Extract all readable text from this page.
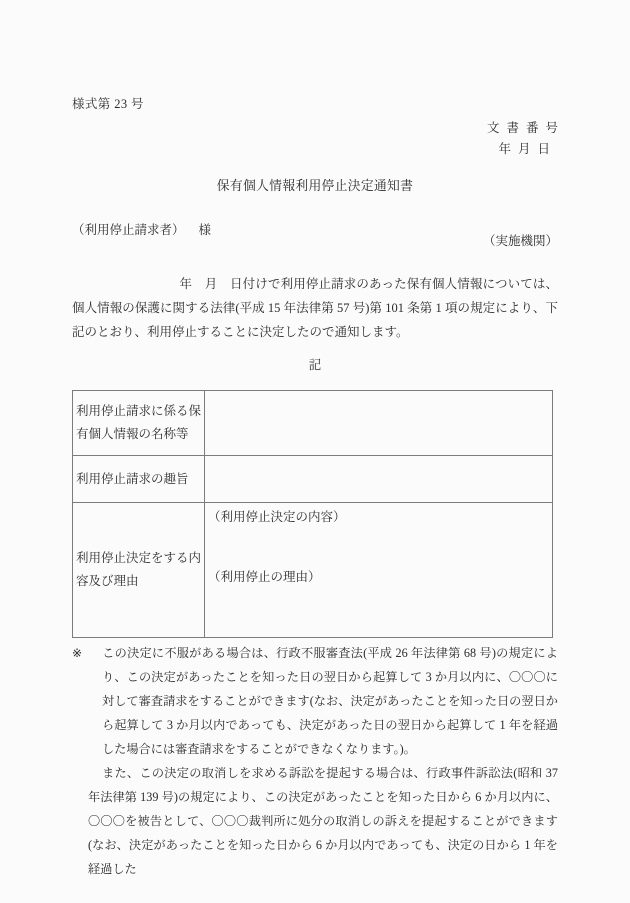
様式第 23 号
文書番号
年月日
保有個人情報利用停止決定通知書
（利用停止請求者） 様
（実施機関）
年　月　日付けで利用停止請求のあった保有個人情報については、個人情報の保護に関する法律(平成 15 年法律第 57 号)第 101 条第 1 項の規定により、下記のとおり、利用停止することに決定したので通知します。
記
利用停止請求に係る保有個人情報の名称等	
利用停止請求の趣旨	
利用停止決定をする内容及び理由	（利用停止決定の内容）
（利用停止の理由）

※ この決定に不服がある場合は、行政不服審査法(平成 26 年法律第 68 号)の規定により、この決定があったことを知った日の翌日から起算して 3 か月以内に、〇〇〇に対して審査請求をすることができます(なお、決定があったことを知った日の翌日から起算して 3 か月以内であっても、決定があった日の翌日から起算して 1 年を経過した場合には審査請求をすることができなくなります。)。

また、この決定の取消しを求める訴訟を提起する場合は、行政事件訴訟法(昭和 37 年法律第 139 号)の規定により、この決定があったことを知った日から 6 か月以内に、〇〇〇を被告として、〇〇〇裁判所に処分の取消しの訴えを提起することができます(なお、決定があったことを知った日から 6 か月以内であっても、決定の日から 1 年を経過した
